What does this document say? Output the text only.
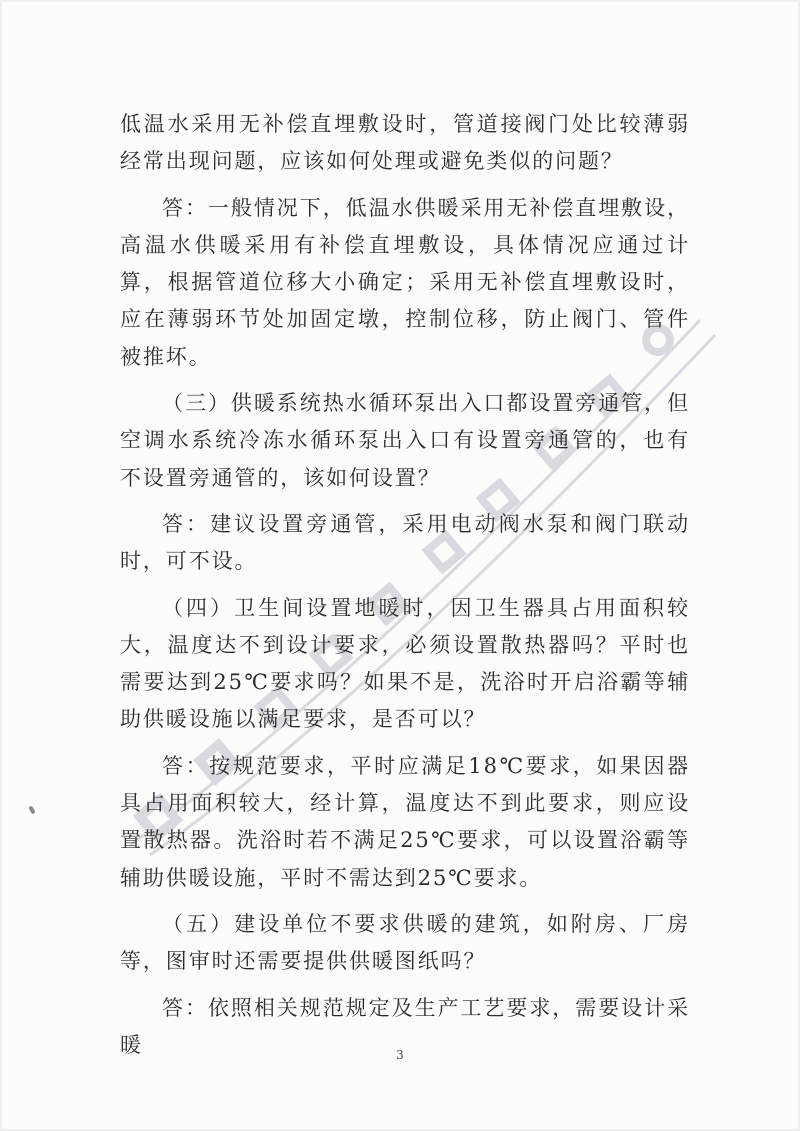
低温水采用无补偿直埋敷设时，管道接阀门处比较薄弱经常出现问题，应该如何处理或避免类似的问题？

答：一般情况下，低温水供暖采用无补偿直埋敷设，高温水供暖采用有补偿直埋敷设，具体情况应通过计算，根据管道位移大小确定；采用无补偿直埋敷设时，应在薄弱环节处加固定墩，控制位移，防止阀门、管件被推坏。

（三）供暖系统热水循环泵出入口都设置旁通管，但空调水系统冷冻水循环泵出入口有设置旁通管的，也有不设置旁通管的，该如何设置？

答：建议设置旁通管，采用电动阀水泵和阀门联动时，可不设。

（四）卫生间设置地暖时，因卫生器具占用面积较大，温度达不到设计要求，必须设置散热器吗？平时也需要达到25℃要求吗？如果不是，洗浴时开启浴霸等辅助供暖设施以满足要求，是否可以？

答：按规范要求，平时应满足18℃要求，如果因器具占用面积较大，经计算，温度达不到此要求，则应设置散热器。洗浴时若不满足25℃要求，可以设置浴霸等辅助供暖设施，平时不需达到25℃要求。

（五）建设单位不要求供暖的建筑，如附房、厂房等，图审时还需要提供供暖图纸吗？

答：依照相关规范规定及生产工艺要求，需要设计采暖	3
